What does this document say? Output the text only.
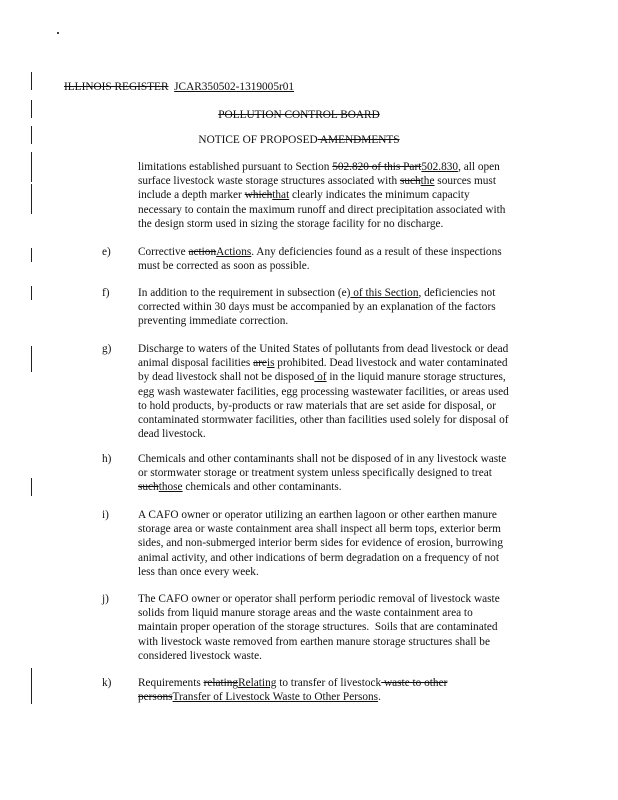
ILLINOIS REGISTER JCAR350502-1319005r01
POLLUTION CONTROL BOARD
NOTICE OF PROPOSED AMENDMENTS
limitations established pursuant to Section 502.820 of this Part502.830, all open
surface livestock waste storage structures associated with suchthe sources must
include a depth marker whichthat clearly indicates the minimum capacity
necessary to contain the maximum runoff and direct precipitation associated with
the design storm used in sizing the storage facility for no discharge.
e) Corrective actionActions. Any deficiencies found as a result of these inspections
must be corrected as soon as possible.
f)	In addition to the requirement in subsection (e) of this Section, deficiencies not
corrected within 30 days must be accompanied by an explanation of the factors
preventing immediate correction.
g) Discharge to waters of the United States of pollutants from dead livestock or dead
animal disposal facilities areis prohibited. Dead livestock and water contaminated
by dead livestock shall not be disposed of in the liquid manure storage structures,
egg wash wastewater facilities, egg processing wastewater facilities, or areas used
to hold products, by-products or raw materials that are set aside for disposal, or
contaminated stormwater facilities, other than facilities used solely for disposal of
dead livestock.
h) Chemicals and other contaminants shall not be disposed of in any livestock waste
or stormwater storage or treatment system unless specifically designed to treat
suchthose chemicals and other contaminants.
i)	A CAFO owner or operator utilizing an earthen lagoon or other earthen manure
storage area or waste containment area shall inspect all berm tops, exterior berm
sides, and non-submerged interior berm sides for evidence of erosion, burrowing
animal activity, and other indications of berm degradation on a frequency of not
less than once every week.
j)	The CAFO owner or operator shall perform periodic removal of livestock waste
solids from liquid manure storage areas and the waste containment area to
maintain proper operation of the storage structures.  Soils that are contaminated
with livestock waste removed from earthen manure storage structures shall be
considered livestock waste.
k) Requirements relatingRelating to transfer of livestock waste to other
personsTransfer of Livestock Waste to Other Persons.
